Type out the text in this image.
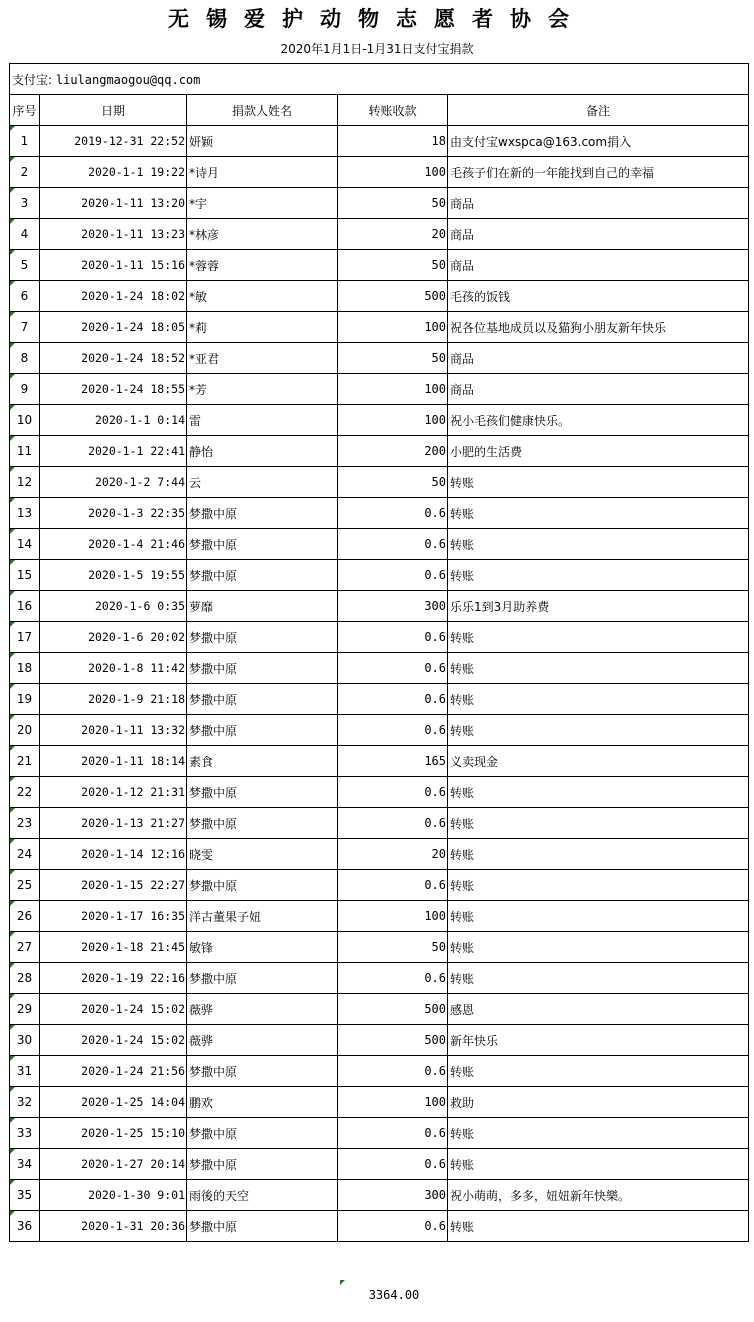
无锡爱护动物志愿者协会
2020年1月1日-1月31日支付宝捐款
支付宝: liulangmaogou@qq.com				
序号	日期	捐款人姓名	转账收款	备注
1	2019-12-31 22:52	妍颖	18	由支付宝wxspca@163.com捐入
2	2020-1-1 19:22	*诗月	100	毛孩子们在新的一年能找到自己的幸福
3	2020-1-11 13:20	*宇	50	商品
4	2020-1-11 13:23	*林彦	20	商品
5	2020-1-11 15:16	*蓉蓉	50	商品
6	2020-1-24 18:02	*敏	500	毛孩的饭钱
7	2020-1-24 18:05	*莉	100	祝各位基地成员以及猫狗小朋友新年快乐
8	2020-1-24 18:52	*亚君	50	商品
9	2020-1-24 18:55	*芳	100	商品
10	2020-1-1 0:14	雷	100	祝小毛孩们健康快乐。
11	2020-1-1 22:41	静怡	200	小肥的生活费
12	2020-1-2 7:44	云	50	转账
13	2020-1-3 22:35	梦撒中原	0.6	转账
14	2020-1-4 21:46	梦撒中原	0.6	转账
15	2020-1-5 19:55	梦撒中原	0.6	转账
16	2020-1-6 0:35	萝靡	300	乐乐1到3月助养费
17	2020-1-6 20:02	梦撒中原	0.6	转账
18	2020-1-8 11:42	梦撒中原	0.6	转账
19	2020-1-9 21:18	梦撒中原	0.6	转账
20	2020-1-11 13:32	梦撒中原	0.6	转账
21	2020-1-11 18:14	素食	165	义卖现金
22	2020-1-12 21:31	梦撒中原	0.6	转账
23	2020-1-13 21:27	梦撒中原	0.6	转账
24	2020-1-14 12:16	晓雯	20	转账
25	2020-1-15 22:27	梦撒中原	0.6	转账
26	2020-1-17 16:35	洋古董果子妞	100	转账
27	2020-1-18 21:45	敏锋	50	转账
28	2020-1-19 22:16	梦撒中原	0.6	转账
29	2020-1-24 15:02	薇骅	500	感恩
30	2020-1-24 15:02	薇骅	500	新年快乐
31	2020-1-24 21:56	梦撒中原	0.6	转账
32	2020-1-25 14:04	鹏欢	100	救助
33	2020-1-25 15:10	梦撒中原	0.6	转账
34	2020-1-27 20:14	梦撒中原	0.6	转账
35	2020-1-30 9:01	雨後的天空	300	祝小萌萌，多多，妞妞新年快樂。
36	2020-1-31 20:36	梦撒中原	0.6	转账
3364.00
